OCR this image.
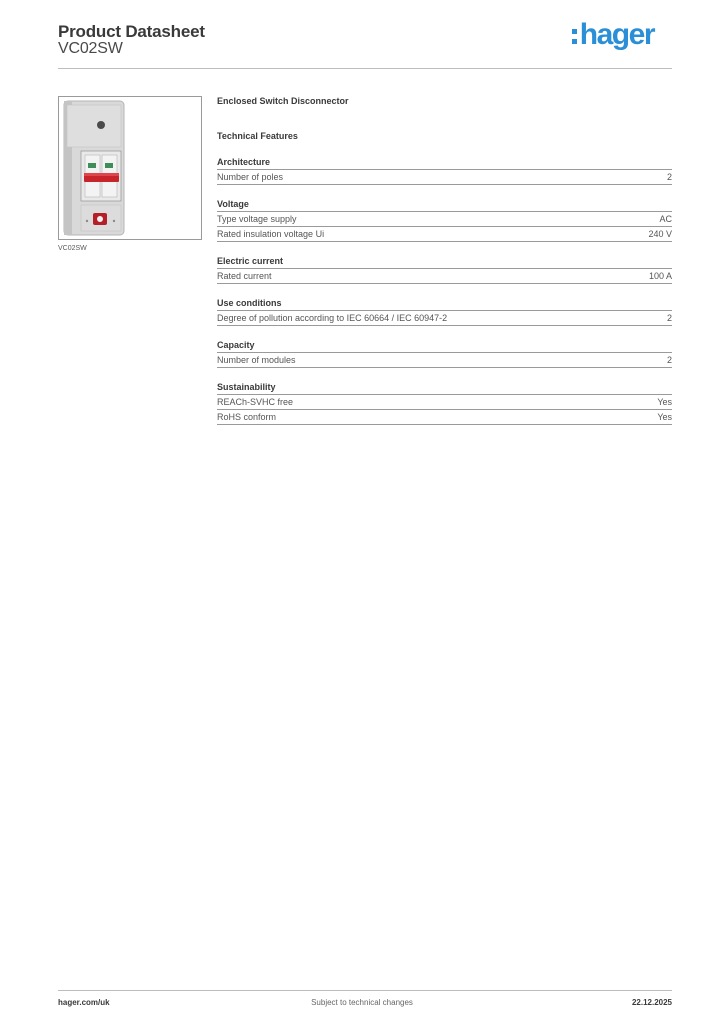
Product Datasheet
VC02SW	hager
VC02SW
Enclosed Switch Disconnector
Technical Features
Architecture
Number of poles	2
Voltage
Type voltage supply	AC
Rated insulation voltage Ui	240 V
Electric current
Rated current	100 A
Use conditions
Degree of pollution according to IEC 60664 / IEC 60947-2	2
Capacity
Number of modules	2
Sustainability
REACh-SVHC free	Yes
RoHS conform	Yes
hager.com/uk	Subject to technical changes	22.12.2025
